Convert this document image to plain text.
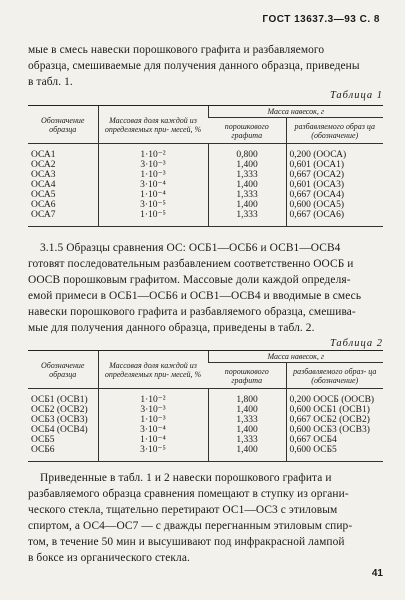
ГОСТ 13637.3—93 С. 8
мые в смесь навески порошкового графита и разбавляемого
образца, смешиваемые для получения данного образца, приведены
в табл. 1.
Таблица 1
Обозначение образца	Массовая доля каждой из определяемых при- месей, %	Масса навесок, г	
		порошкового графита	разбавляемого образ ца (обозначение)
ОСА1	1·10⁻²	0,800	0,200 (ООСА)
ОСА2	3·10⁻³	1,400	0,601 (ОСА1)
ОСА3	1·10⁻³	1,333	0,667 (ОСА2)
ОСА4	3·10⁻⁴	1,400	0,601 (ОСА3)
ОСА5	1·10⁻⁴	1,333	0,667 (ОСА4)
ОСА6	3·10⁻⁵	1,400	0,600 (ОСА5)
ОСА7	1·10⁻⁵	1,333	0,667 (ОСА6)
3.1.5 Образцы сравнения ОС: ОСБ1—ОСБ6 и ОСВ1—ОСВ4
готовят последовательным разбавлением соответственно ООСБ и
ООСВ порошковым графитом. Массовые доли каждой определя-
емой примеси в ОСБ1—ОСБ6 и ОСВ1—ОСВ4 и вводимые в смесь
навески порошкового графита и разбавляемого образца, смешива-
мые для получения данного образца, приведены в табл. 2.
Таблица 2
Обозначение образца	Массовая доля каждой из определяемых при- месей, %	Масса навесок, г	
		порошкового графита	разбавляемого образ- ца (обозначение)
ОСБ1 (ОСВ1)	1·10⁻²	1,800	0,200 ООСБ (ООСВ)
ОСБ2 (ОСВ2)	3·10⁻³	1,400	0,600 ОСБ1 (ОСВ1)
ОСБ3 (ОСВ3)	1·10⁻³	1,333	0,667 ОСБ2 (ОСВ2)
ОСБ4 (ОСВ4)	3·10⁻⁴	1,400	0,600 ОСБ3 (ОСВ3)
ОСБ5	1·10⁻⁴	1,333	0,667 ОСБ4
ОСБ6	3·10⁻⁵	1,400	0,600 ОСБ5
Приведенные в табл. 1 и 2 навески порошкового графита и
разбавляемого образца сравнения помещают в ступку из органи-
ческого стекла, тщательно перетирают ОС1—ОС3 с этиловым
спиртом, а ОС4—ОС7 — с дважды перегнанным этиловым спир-
том, в течение 50 мин и высушивают под инфракрасной лампой
в боксе из органического стекла.
41
